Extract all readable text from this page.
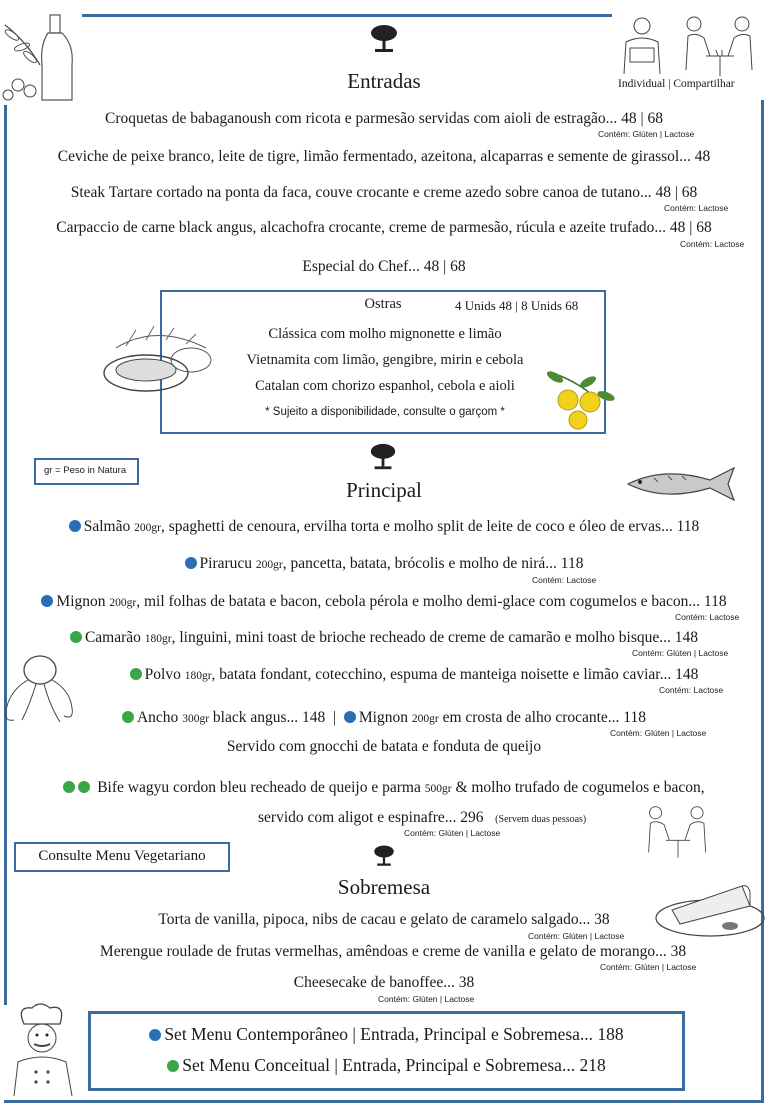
Entradas	Individual | Compartilhar
Croquetas de babaganoush com ricota e parmesão servidas com aioli de estragão... 48 | 68
Contém: Glúten | Lactose
Ceviche de peixe branco, leite de tigre, limão fermentado, azeitona, alcaparras e semente de girassol... 48
Steak Tartare cortado na ponta da faca, couve crocante e creme azedo sobre canoa de tutano... 48 | 68
Contém: Lactose
Carpaccio de carne black angus, alcachofra crocante, creme de parmesão, rúcula e azeite trufado... 48 | 68
Contém: Lactose
Especial do Chef... 48 | 68
Ostras	4 Unids 48 | 8 Unids 68
Clássica com molho mignonette e limão
Vietnamita com limão, gengibre, mirin e cebola
Catalan com chorizo espanhol, cebola e aioli
* Sujeito a disponibilidade, consulte o garçom *
gr = Peso in Natura
Principal
Salmão 200gr, spaghetti de cenoura, ervilha torta e molho split de leite de coco e óleo de ervas... 118
Pirarucu 200gr, pancetta, batata, brócolis e molho de nirá... 118
Contém: Lactose
Mignon 200gr, mil folhas de batata e bacon, cebola pérola e molho demi-glace com cogumelos e bacon... 118
Contém: Lactose
Camarão 180gr, linguini, mini toast de brioche recheado de creme de camarão e molho bisque... 148
Contém: Glúten | Lactose
Polvo 180gr, batata fondant, cotecchino, espuma de manteiga noisette e limão caviar... 148
Contém: Lactose
Ancho 300gr black angus... 148 | Mignon 200gr em crosta de alho crocante... 118
Contém: Glúten | Lactose
Servido com gnocchi de batata e fonduta de queijo
Bife wagyu cordon bleu recheado de queijo e parma 500gr & molho trufado de cogumelos e bacon,
servido com aligot e espinafre... 296 (Servem duas pessoas)
Contém: Glúten | Lactose
Consulte Menu Vegetariano
Sobremesa
Torta de vanilla, pipoca, nibs de cacau e gelato de caramelo salgado... 38
Contém: Glúten | Lactose
Merengue roulade de frutas vermelhas, amêndoas e creme de vanilla e gelato de morango... 38
Contém: Glúten | Lactose
Cheesecake de banoffee... 38
Contém: Glúten | Lactose
Set Menu Contemporâneo | Entrada, Principal e Sobremesa... 188
Set Menu Conceitual | Entrada, Principal e Sobremesa... 218
